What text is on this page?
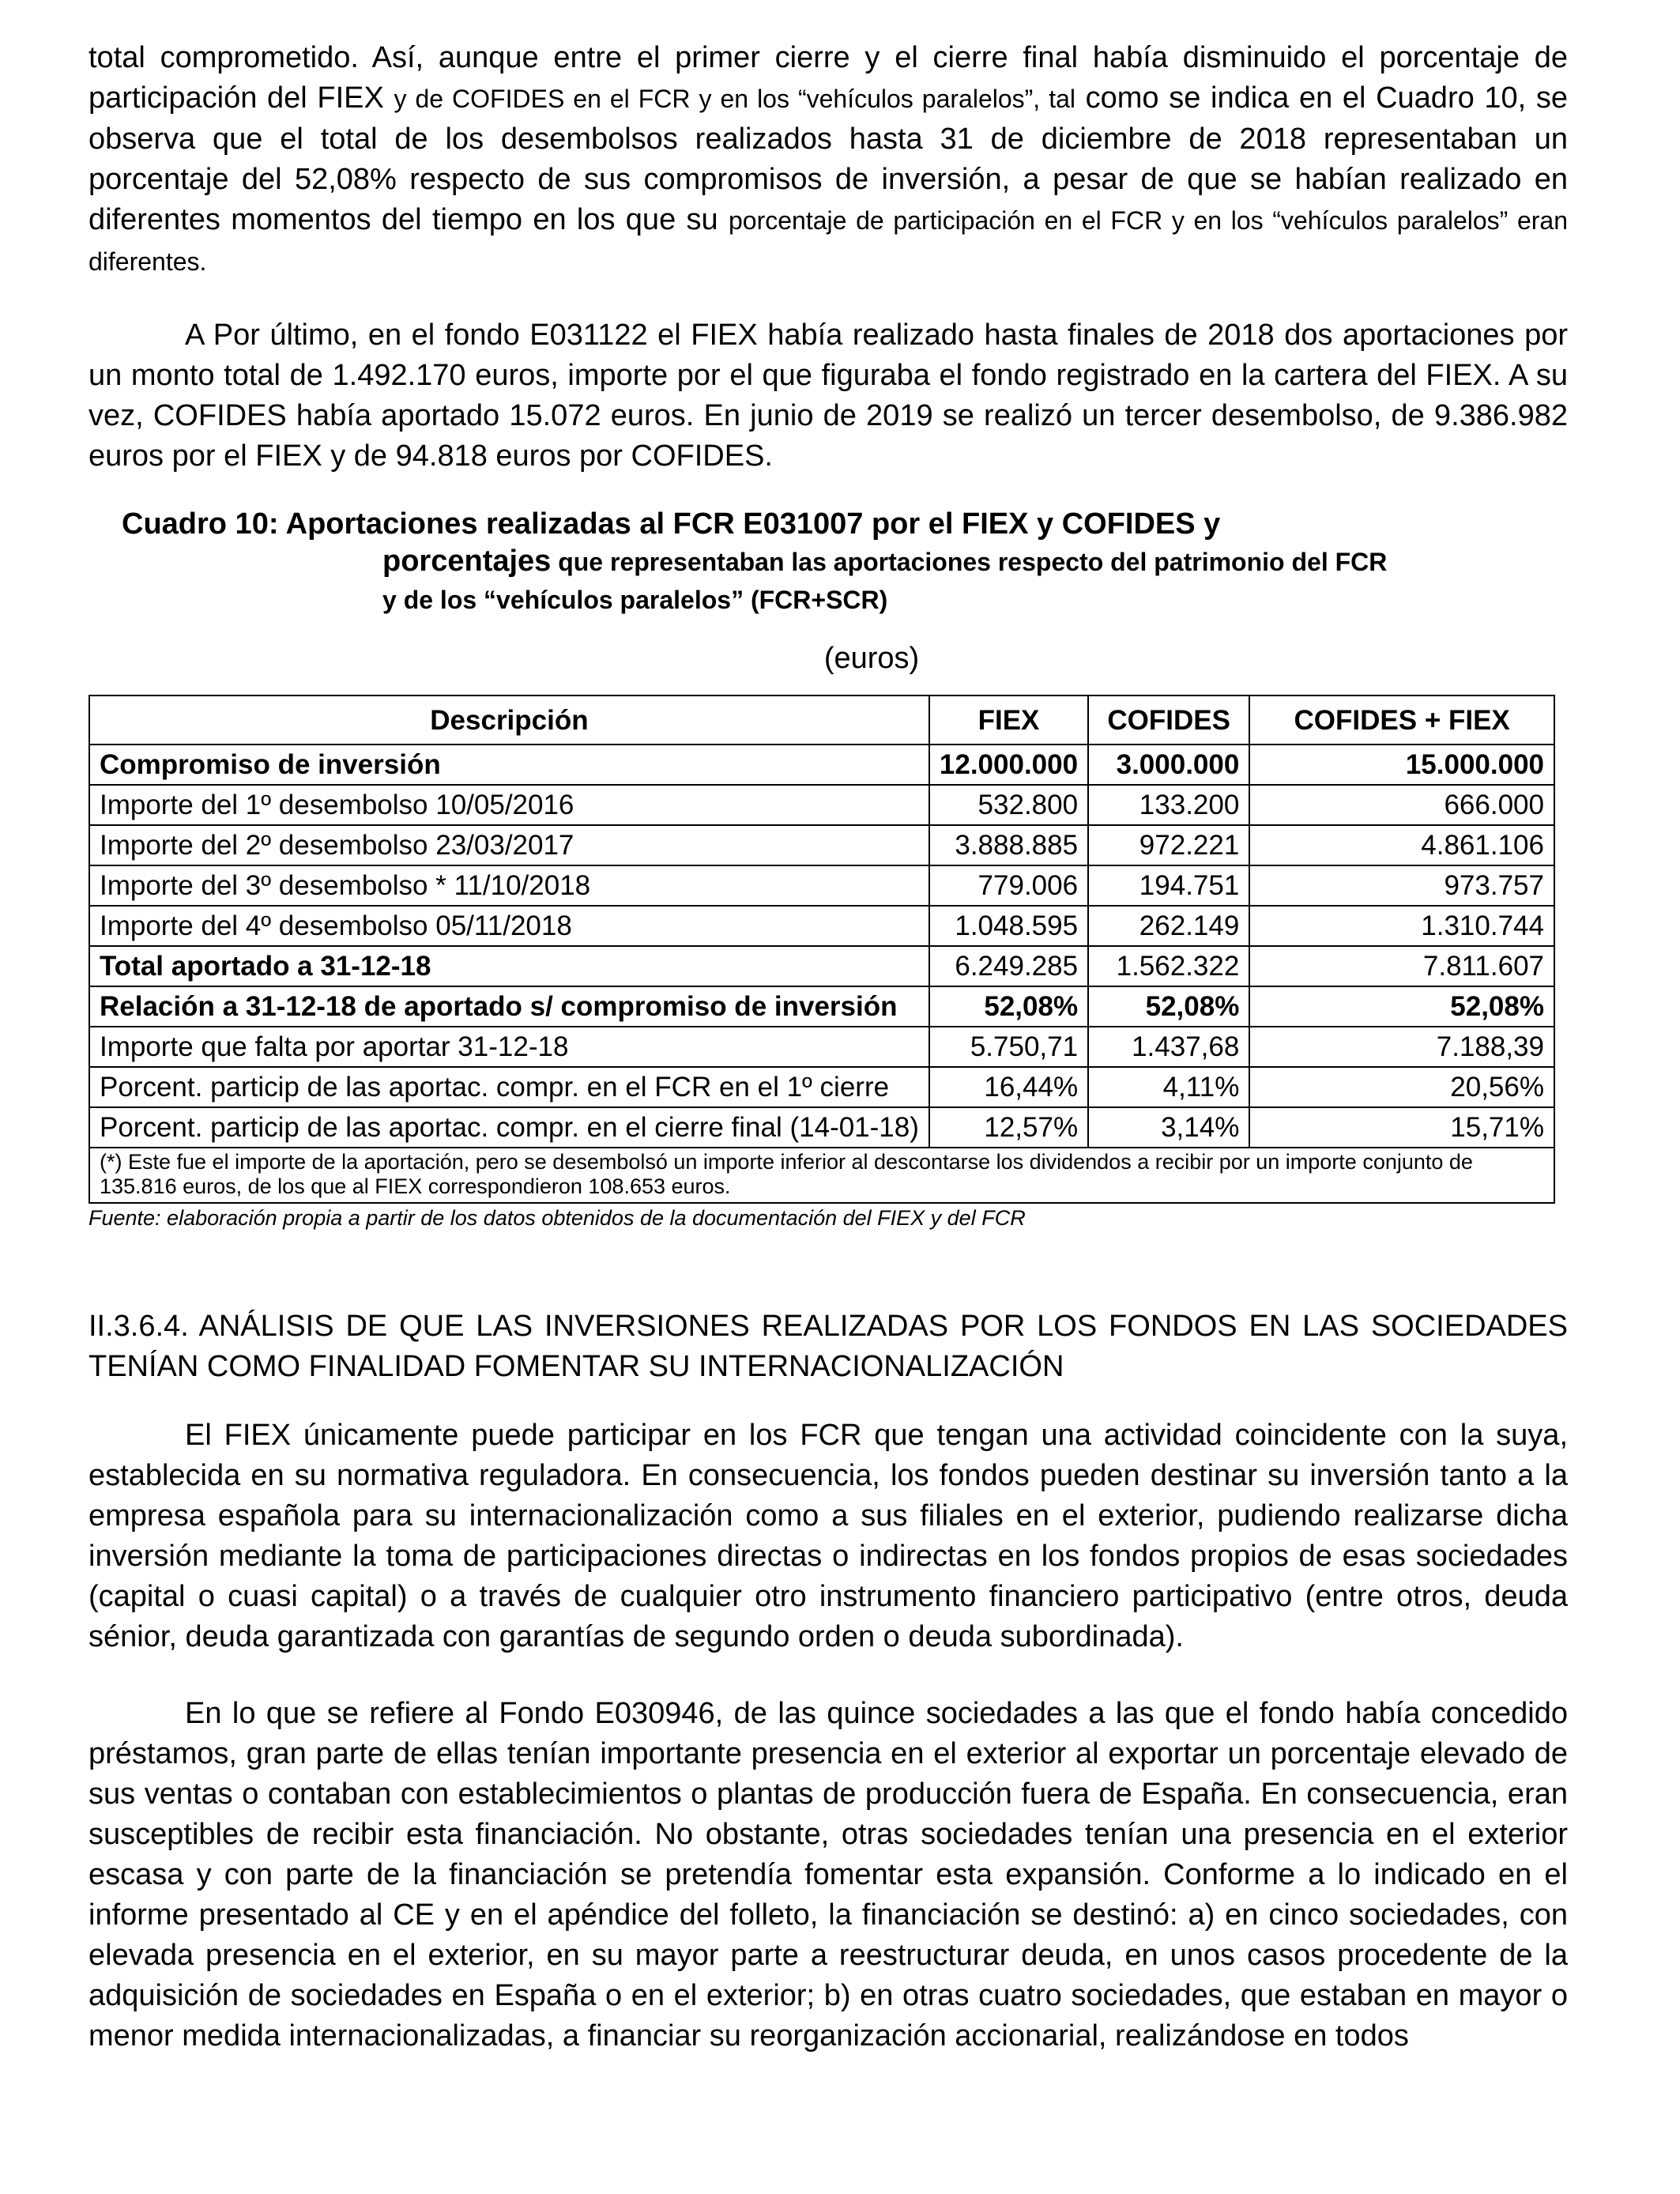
total comprometido. Así, aunque entre el primer cierre y el cierre final había disminuido el porcentaje de participación del FIEX y de COFIDES en el FCR y en los “vehículos paralelos”, tal como se indica en el Cuadro 10, se observa que el total de los desembolsos realizados hasta 31 de diciembre de 2018 representaban un porcentaje del 52,08% respecto de sus compromisos de inversión, a pesar de que se habían realizado en diferentes momentos del tiempo en los que su porcentaje de participación en el FCR y en los “vehículos paralelos” eran diferentes.

A Por último, en el fondo E031122 el FIEX había realizado hasta finales de 2018 dos aportaciones por un monto total de 1.492.170 euros, importe por el que figuraba el fondo registrado en la cartera del FIEX. A su vez, COFIDES había aportado 15.072 euros. En junio de 2019 se realizó un tercer desembolso, de 9.386.982 euros por el FIEX y de 94.818 euros por COFIDES.

Cuadro 10: Aportaciones realizadas al FCR E031007 por el FIEX y COFIDES y
porcentajes que representaban las aportaciones respecto del patrimonio del FCR
y de los “vehículos paralelos” (FCR+SCR)
(euros)
Descripción	FIEX	COFIDES	COFIDES + FIEX
Compromiso de inversión	12.000.000	3.000.000	15.000.000
Importe del 1º desembolso 10/05/2016	532.800	133.200	666.000
Importe del 2º desembolso 23/03/2017	3.888.885	972.221	4.861.106
Importe del 3º desembolso * 11/10/2018	779.006	194.751	973.757
Importe del 4º desembolso 05/11/2018	1.048.595	262.149	1.310.744
Total aportado a 31-12-18	6.249.285	1.562.322	7.811.607
Relación a 31-12-18 de aportado s/ compromiso de inversión	52,08%	52,08%	52,08%
Importe que falta por aportar 31-12-18	5.750,71	1.437,68	7.188,39
Porcent. particip de las aportac. compr. en el FCR en el 1º cierre	16,44%	4,11%	20,56%
Porcent. particip de las aportac. compr. en el cierre final (14-01-18)	12,57%	3,14%	15,71%
(*) Este fue el importe de la aportación, pero se desembolsó un importe inferior al descontarse los dividendos a recibir por un importe conjunto de 135.816 euros, de los que al FIEX correspondieron 108.653 euros.			
Fuente: elaboración propia a partir de los datos obtenidos de la documentación del FIEX y del FCR
II.3.6.4. ANÁLISIS DE QUE LAS INVERSIONES REALIZADAS POR LOS FONDOS EN LAS SOCIEDADES TENÍAN COMO FINALIDAD FOMENTAR SU INTERNACIONALIZACIÓN

El FIEX únicamente puede participar en los FCR que tengan una actividad coincidente con la suya, establecida en su normativa reguladora. En consecuencia, los fondos pueden destinar su inversión tanto a la empresa española para su internacionalización como a sus filiales en el exterior, pudiendo realizarse dicha inversión mediante la toma de participaciones directas o indirectas en los fondos propios de esas sociedades (capital o cuasi capital) o a través de cualquier otro instrumento financiero participativo (entre otros, deuda sénior, deuda garantizada con garantías de segundo orden o deuda subordinada).

En lo que se refiere al Fondo E030946, de las quince sociedades a las que el fondo había concedido préstamos, gran parte de ellas tenían importante presencia en el exterior al exportar un porcentaje elevado de sus ventas o contaban con establecimientos o plantas de producción fuera de España. En consecuencia, eran susceptibles de recibir esta financiación. No obstante, otras sociedades tenían una presencia en el exterior escasa y con parte de la financiación se pretendía fomentar esta expansión. Conforme a lo indicado en el informe presentado al CE y en el apéndice del folleto, la financiación se destinó: a) en cinco sociedades, con elevada presencia en el exterior, en su mayor parte a reestructurar deuda, en unos casos procedente de la adquisición de sociedades en España o en el exterior; b) en otras cuatro sociedades, que estaban en mayor o menor medida internacionalizadas, a financiar su reorganización accionarial, realizándose en todos
